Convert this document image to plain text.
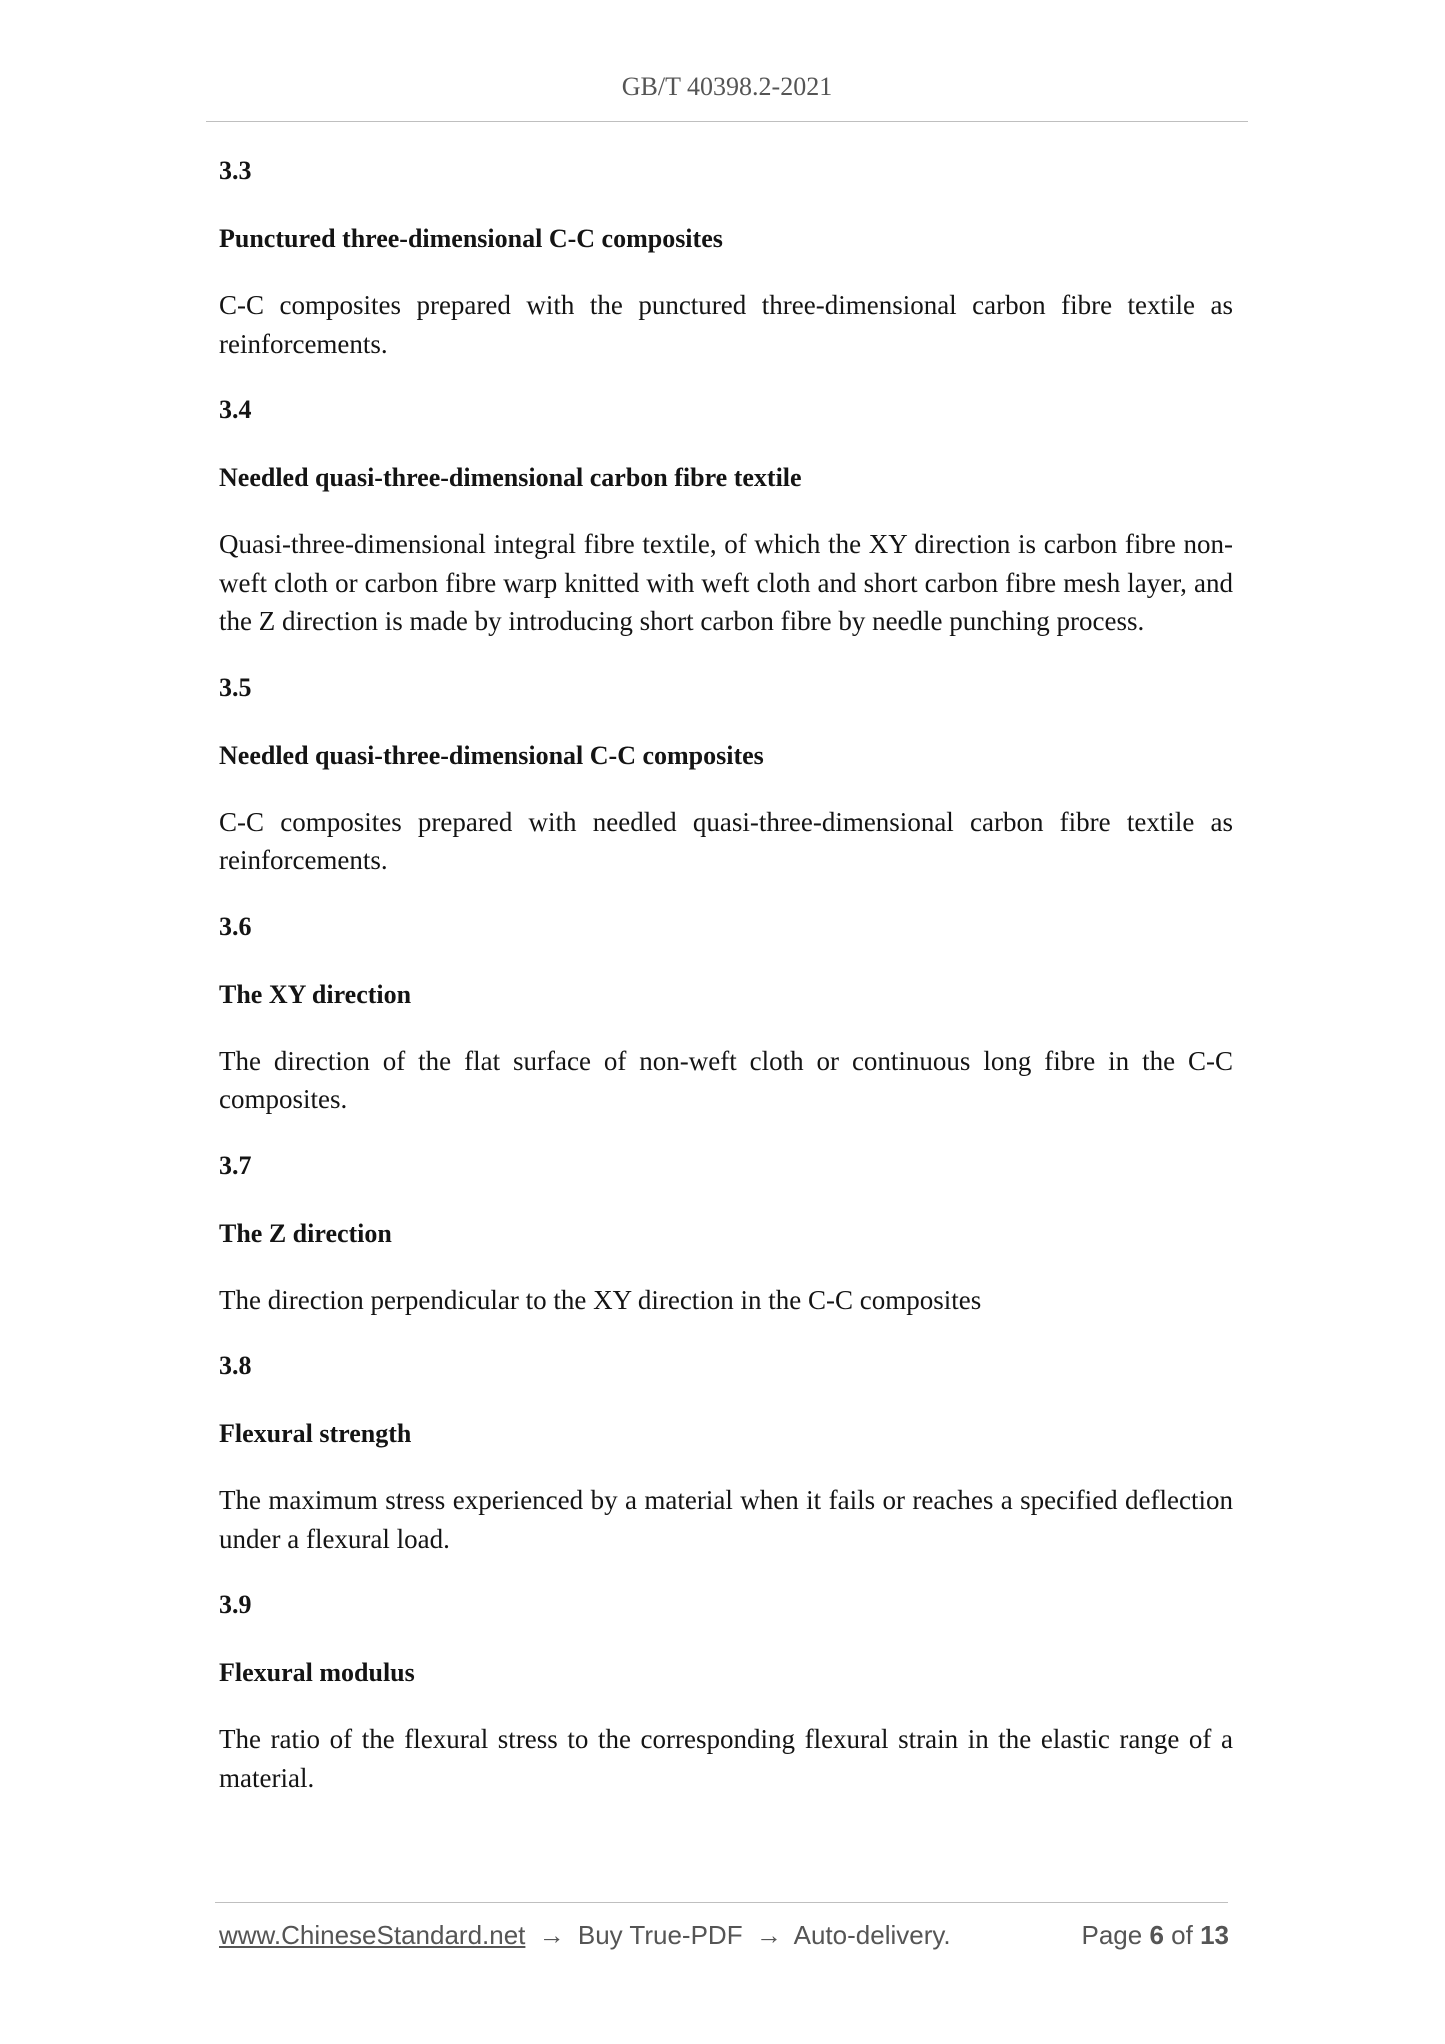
GB/T 40398.2-2021
3.3
Punctured three-dimensional C-C composites
C-C composites prepared with the punctured three-dimensional carbon fibre textile as reinforcements.
3.4
Needled quasi-three-dimensional carbon fibre textile
Quasi-three-dimensional integral fibre textile, of which the XY direction is carbon fibre non-weft cloth or carbon fibre warp knitted with weft cloth and short carbon fibre mesh layer, and the Z direction is made by introducing short carbon fibre by needle punching process.
3.5
Needled quasi-three-dimensional C-C composites
C-C composites prepared with needled quasi-three-dimensional carbon fibre textile as reinforcements.
3.6
The XY direction
The direction of the flat surface of non-weft cloth or continuous long fibre in the C-C composites.
3.7
The Z direction
The direction perpendicular to the XY direction in the C-C composites
3.8
Flexural strength
The maximum stress experienced by a material when it fails or reaches a specified deflection under a flexural load.
3.9
Flexural modulus
The ratio of the flexural stress to the corresponding flexural strain in the elastic range of a material.
www.ChineseStandard.net → Buy True-PDF → Auto-delivery.	Page 6 of 13
